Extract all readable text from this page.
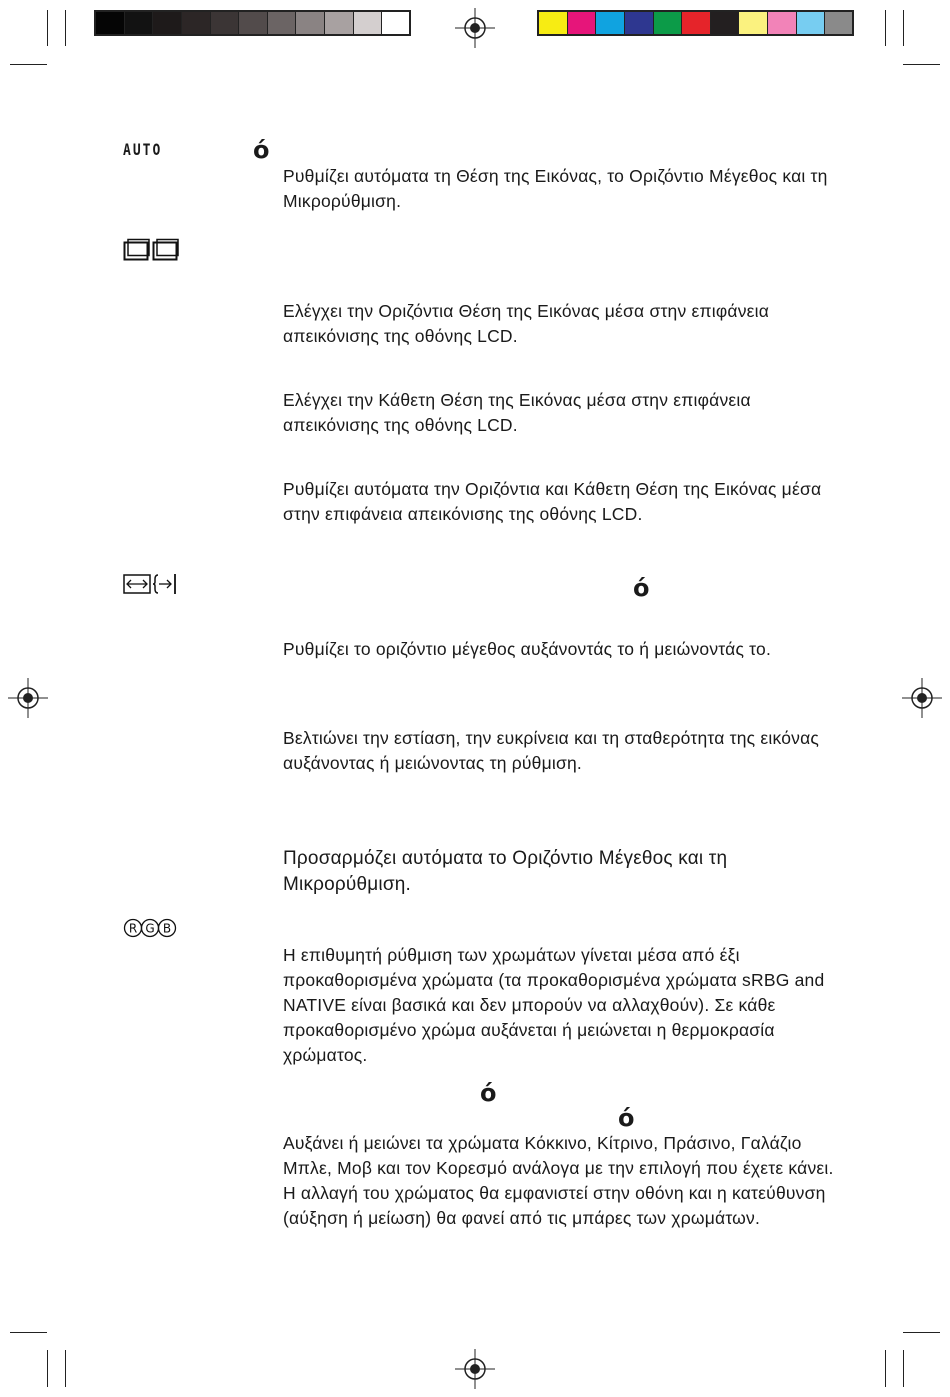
AUTO
R G B
ό
ό
ό
ό

Ρυθμίζει αυτόματα τη Θέση της Εικόνας, το Οριζόντιο Μέγεθος και τη Μικρορύθμιση.

Ελέγχει την Οριζόντια Θέση της Εικόνας μέσα στην επιφάνεια απεικόνισης της οθόνης LCD.

Ελέγχει την Κάθετη Θέση της Εικόνας μέσα στην επιφάνεια απεικόνισης της οθόνης LCD.

Ρυθμίζει αυτόματα την Οριζόντια και Κάθετη Θέση της Εικόνας μέσα στην επιφάνεια απεικόνισης της οθόνης LCD.

Ρυθμίζει το οριζόντιο μέγεθος αυξάνοντάς το ή μειώνοντάς το.

Βελτιώνει την εστίαση, την ευκρίνεια και τη σταθερότητα της εικόνας αυξάνοντας ή μειώνοντας τη ρύθμιση.

Προσαρμόζει αυτόματα το Οριζόντιο Μέγεθος και τη Μικρορύθμιση.

Η επιθυμητή ρύθμιση των χρωμάτων γίνεται μέσα από έξι προκαθορισμένα χρώματα (τα προκαθορισμένα χρώματα sRBG and NATIVE είναι βασικά και δεν μπορούν να αλλαχθούν). Σε κάθε προκαθορισμένο χρώμα αυξάνεται ή μειώνεται η θερμοκρασία χρώματος.

Αυξάνει ή μειώνει τα χρώματα Κόκκινο, Κίτρινο, Πράσινο, Γαλάζιο Μπλε, Μοβ και τον Κορεσμό ανάλογα με την επιλογή που έχετε κάνει. Η αλλαγή του χρώματος θα εμφανιστεί στην οθόνη και η κατεύθυνση (αύξηση ή μείωση) θα φανεί από τις μπάρες των χρωμάτων.
